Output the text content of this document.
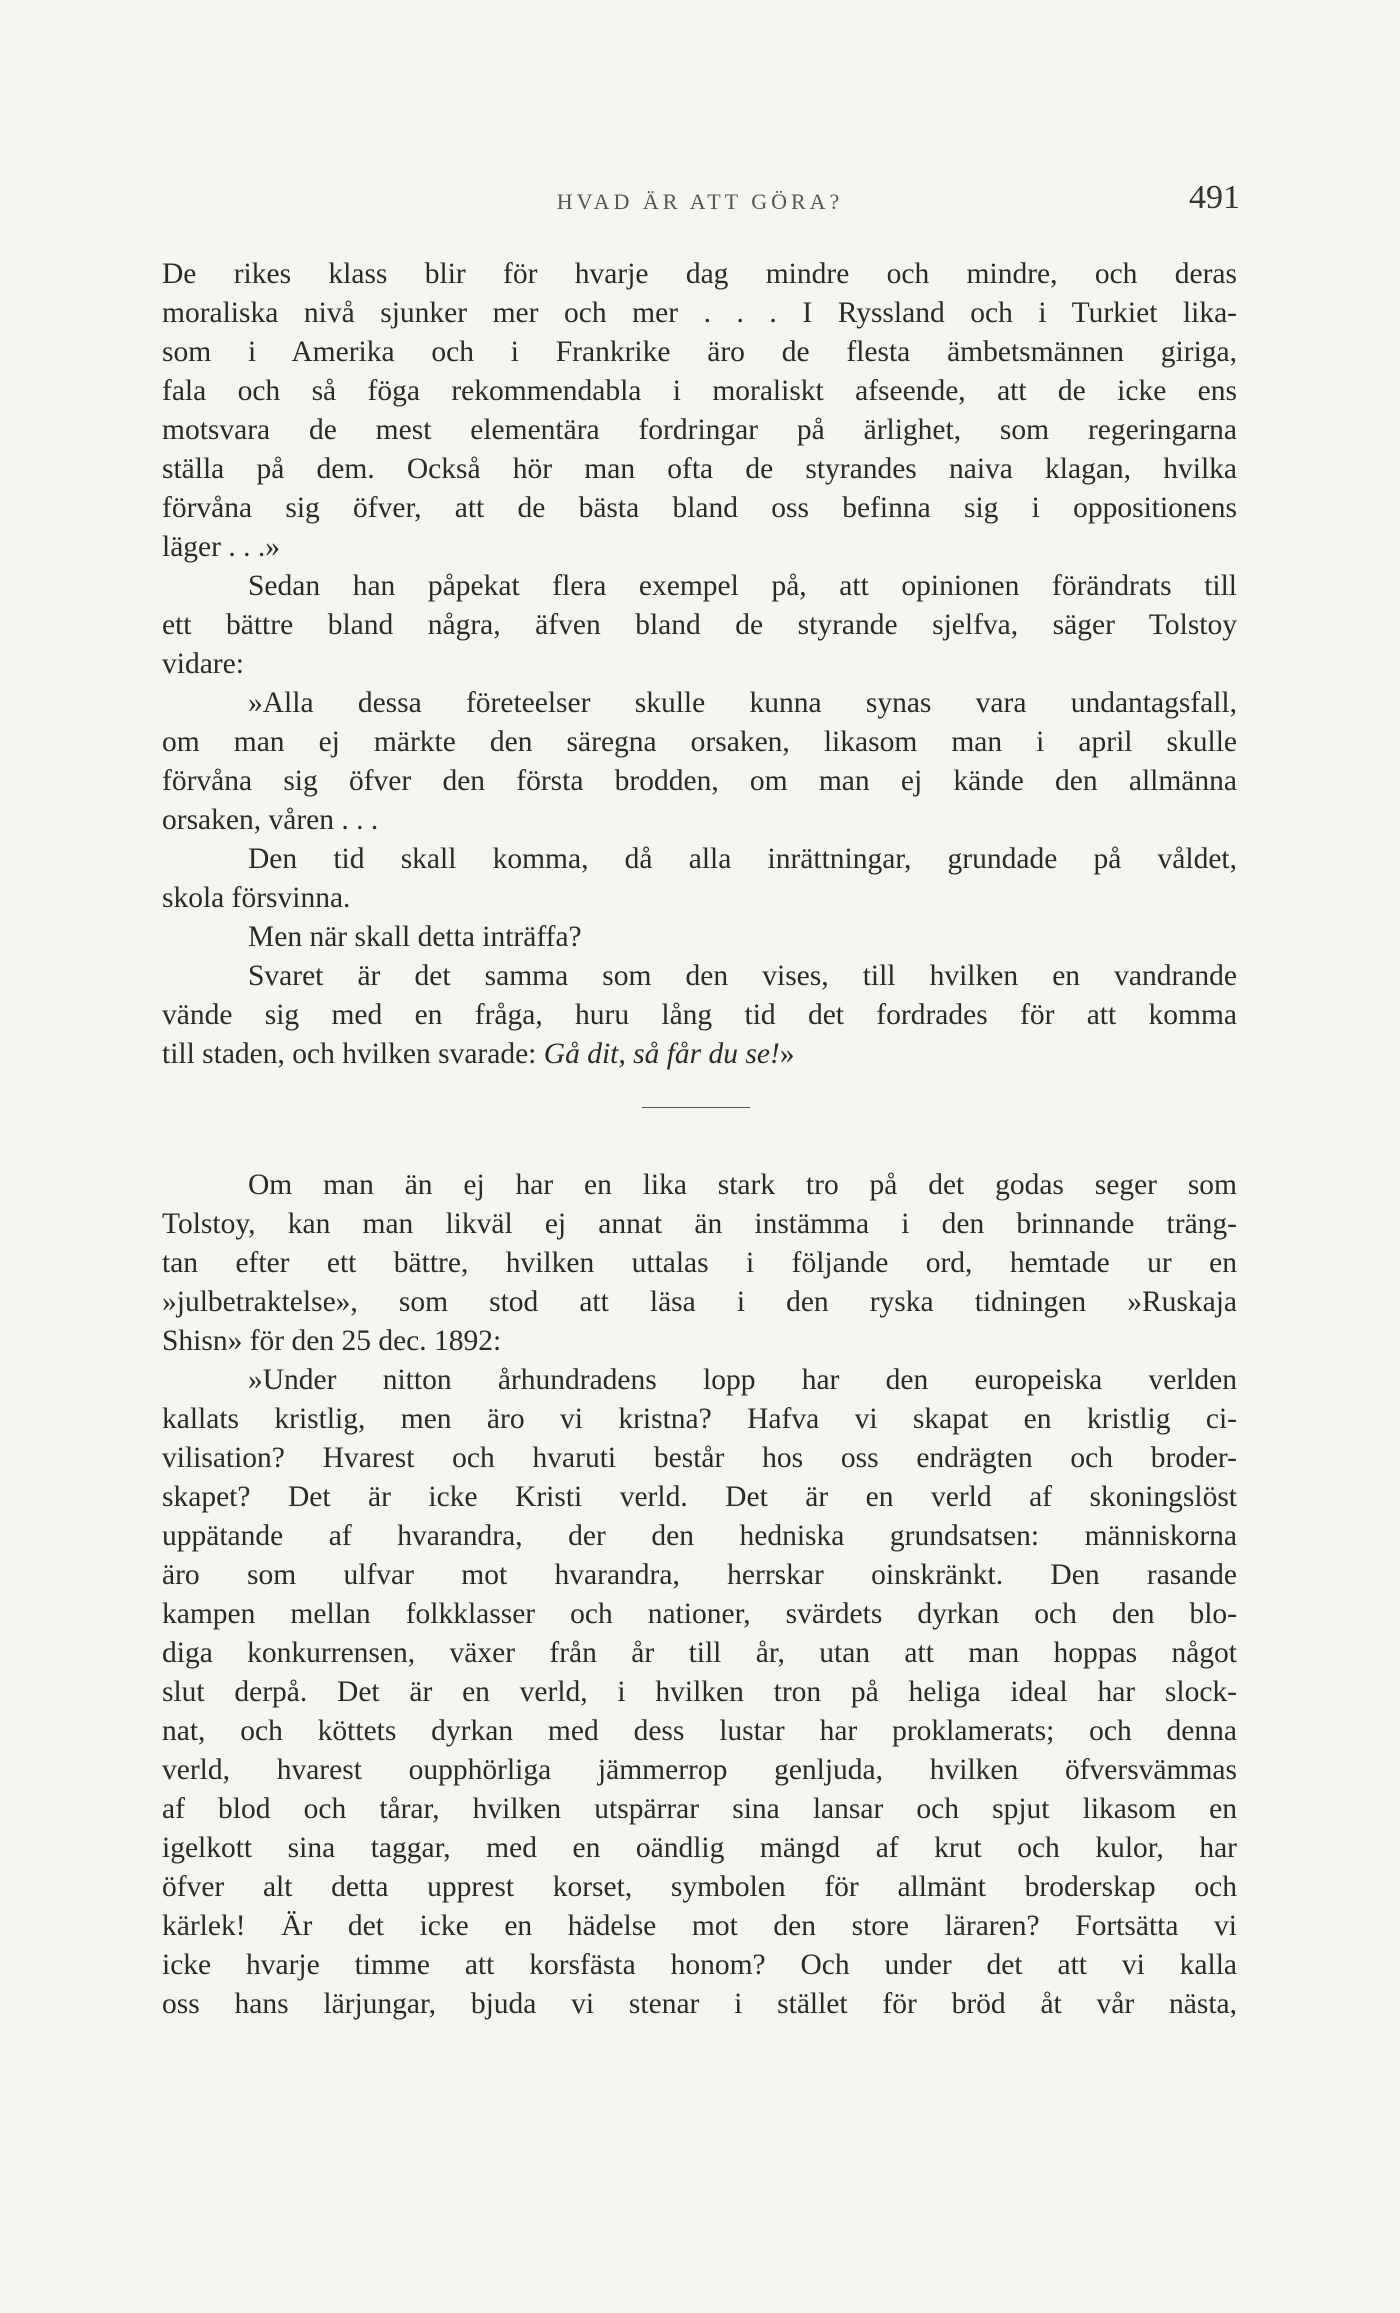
HVAD ÄR ATT GÖRA?	491
De rikes klass blir för hvarje dag mindre och mindre, och deras
moraliska nivå sjunker mer och mer . . . I Ryssland och i Turkiet lika-
som i Amerika och i Frankrike äro de flesta ämbetsmännen giriga,
fala och så föga rekommendabla i moraliskt afseende, att de icke ens
motsvara de mest elementära fordringar på ärlighet, som regeringarna
ställa på dem. Också hör man ofta de styrandes naiva klagan, hvilka
förvåna sig öfver, att de bästa bland oss befinna sig i oppositionens
läger . . .»
Sedan han påpekat flera exempel på, att opinionen förändrats till
ett bättre bland några, äfven bland de styrande sjelfva, säger Tolstoy
vidare:
»Alla dessa företeelser skulle kunna synas vara undantagsfall,
om man ej märkte den säregna orsaken, likasom man i april skulle
förvåna sig öfver den första brodden, om man ej kände den allmänna
orsaken, våren . . .
Den tid skall komma, då alla inrättningar, grundade på våldet,
skola försvinna.
Men när skall detta inträffa?
Svaret är det samma som den vises, till hvilken en vandrande
vände sig med en fråga, huru lång tid det fordrades för att komma
till staden, och hvilken svarade: Gå dit, så får du se!»
Om man än ej har en lika stark tro på det godas seger som
Tolstoy, kan man likväl ej annat än instämma i den brinnande träng-
tan efter ett bättre, hvilken uttalas i följande ord, hemtade ur en
»julbetraktelse», som stod att läsa i den ryska tidningen »Ruskaja
Shisn» för den 25 dec. 1892:
»Under nitton århundradens lopp har den europeiska verlden
kallats kristlig, men äro vi kristna? Hafva vi skapat en kristlig ci-
vilisation? Hvarest och hvaruti består hos oss endrägten och broder-
skapet? Det är icke Kristi verld. Det är en verld af skoningslöst
uppätande af hvarandra, der den hedniska grundsatsen: människorna
äro som ulfvar mot hvarandra, herrskar oinskränkt. Den rasande
kampen mellan folkklasser och nationer, svärdets dyrkan och den blo-
diga konkurrensen, växer från år till år, utan att man hoppas något
slut derpå. Det är en verld, i hvilken tron på heliga ideal har slock-
nat, och köttets dyrkan med dess lustar har proklamerats; och denna
verld, hvarest oupphörliga jämmerrop genljuda, hvilken öfversvämmas
af blod och tårar, hvilken utspärrar sina lansar och spjut likasom en
igelkott sina taggar, med en oändlig mängd af krut och kulor, har
öfver alt detta upprest korset, symbolen för allmänt broderskap och
kärlek! Är det icke en hädelse mot den store läraren? Fortsätta vi
icke hvarje timme att korsfästa honom? Och under det att vi kalla
oss hans lärjungar, bjuda vi stenar i stället för bröd åt vår nästa,
